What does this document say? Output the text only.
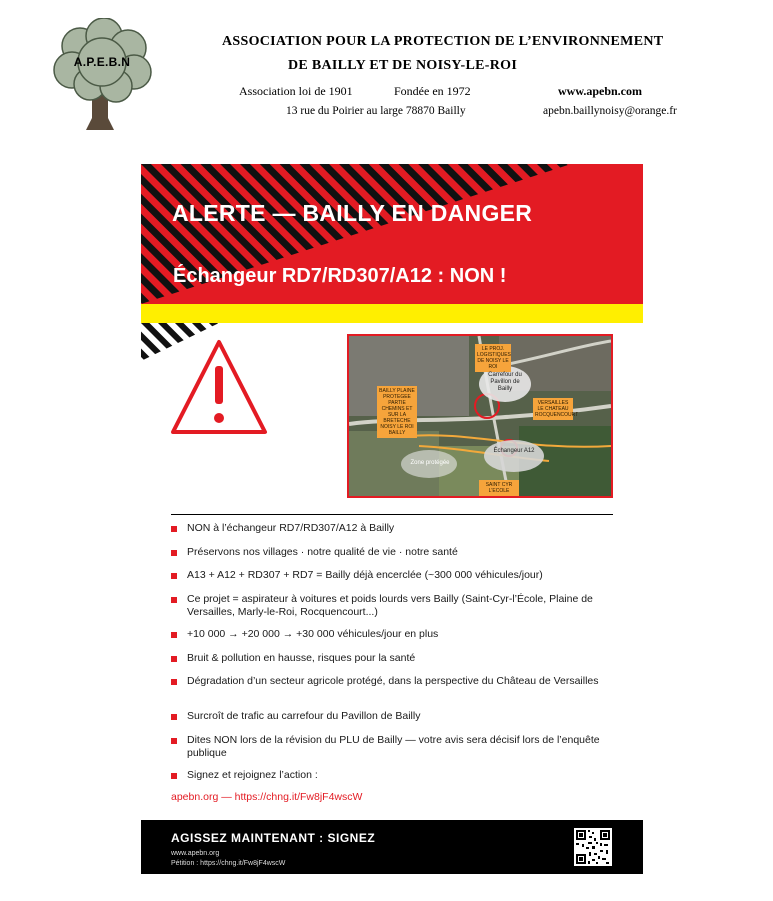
A.P.E.B.N
ASSOCIATION POUR LA PROTECTION DE L’ENVIRONNEMENT
DE BAILLY ET DE NOISY-LE-ROI
Association loi de 1901	Fondée en 1972	www.apebn.com
13 rue du Poirier au large 78870 Bailly	apebn.baillynoisy@orange.fr
ALERTE — BAILLY EN DANGER
Échangeur RD7/RD307/A12 : NON !
LE PROJ. LOGISTIQUES DE NOISY LE ROI
Carrefour du Pavillon de Bailly
BAILLY PLAINE PROTEGEE PARTIE CHEMINS ET SUR LA BRETECHE NOISY LE ROI BAILLY
VERSAILLES LE CHATEAU ROCQUENCOURT
Échangeur A12
Zone protégée
SAINT CYR L'ECOLE
NON à l’échangeur RD7/RD307/A12 à Bailly
Préservons nos villages · notre qualité de vie · notre santé
A13 + A12 + RD307 + RD7 = Bailly déjà encerclée (~300 000 véhicules/jour)
Ce projet = aspirateur à voitures et poids lourds vers Bailly (Saint-Cyr-l’École, Plaine de Versailles, Marly-le-Roi, Rocquencourt...)
+10 000 → +20 000 → +30 000 véhicules/jour en plus
Bruit & pollution en hausse, risques pour la santé
Dégradation d’un secteur agricole protégé, dans la perspective du Château de Versailles
Surcroît de trafic au carrefour du Pavillon de Bailly
Dites NON lors de la révision du PLU de Bailly — votre avis sera décisif lors de l’enquête publique
Signez et rejoignez l’action :
apebn.org — https://chng.it/Fw8jF4wscW
AGISSEZ MAINTENANT : SIGNEZ
www.apebn.org
Pétition : https://chng.it/Fw8jF4wscW
